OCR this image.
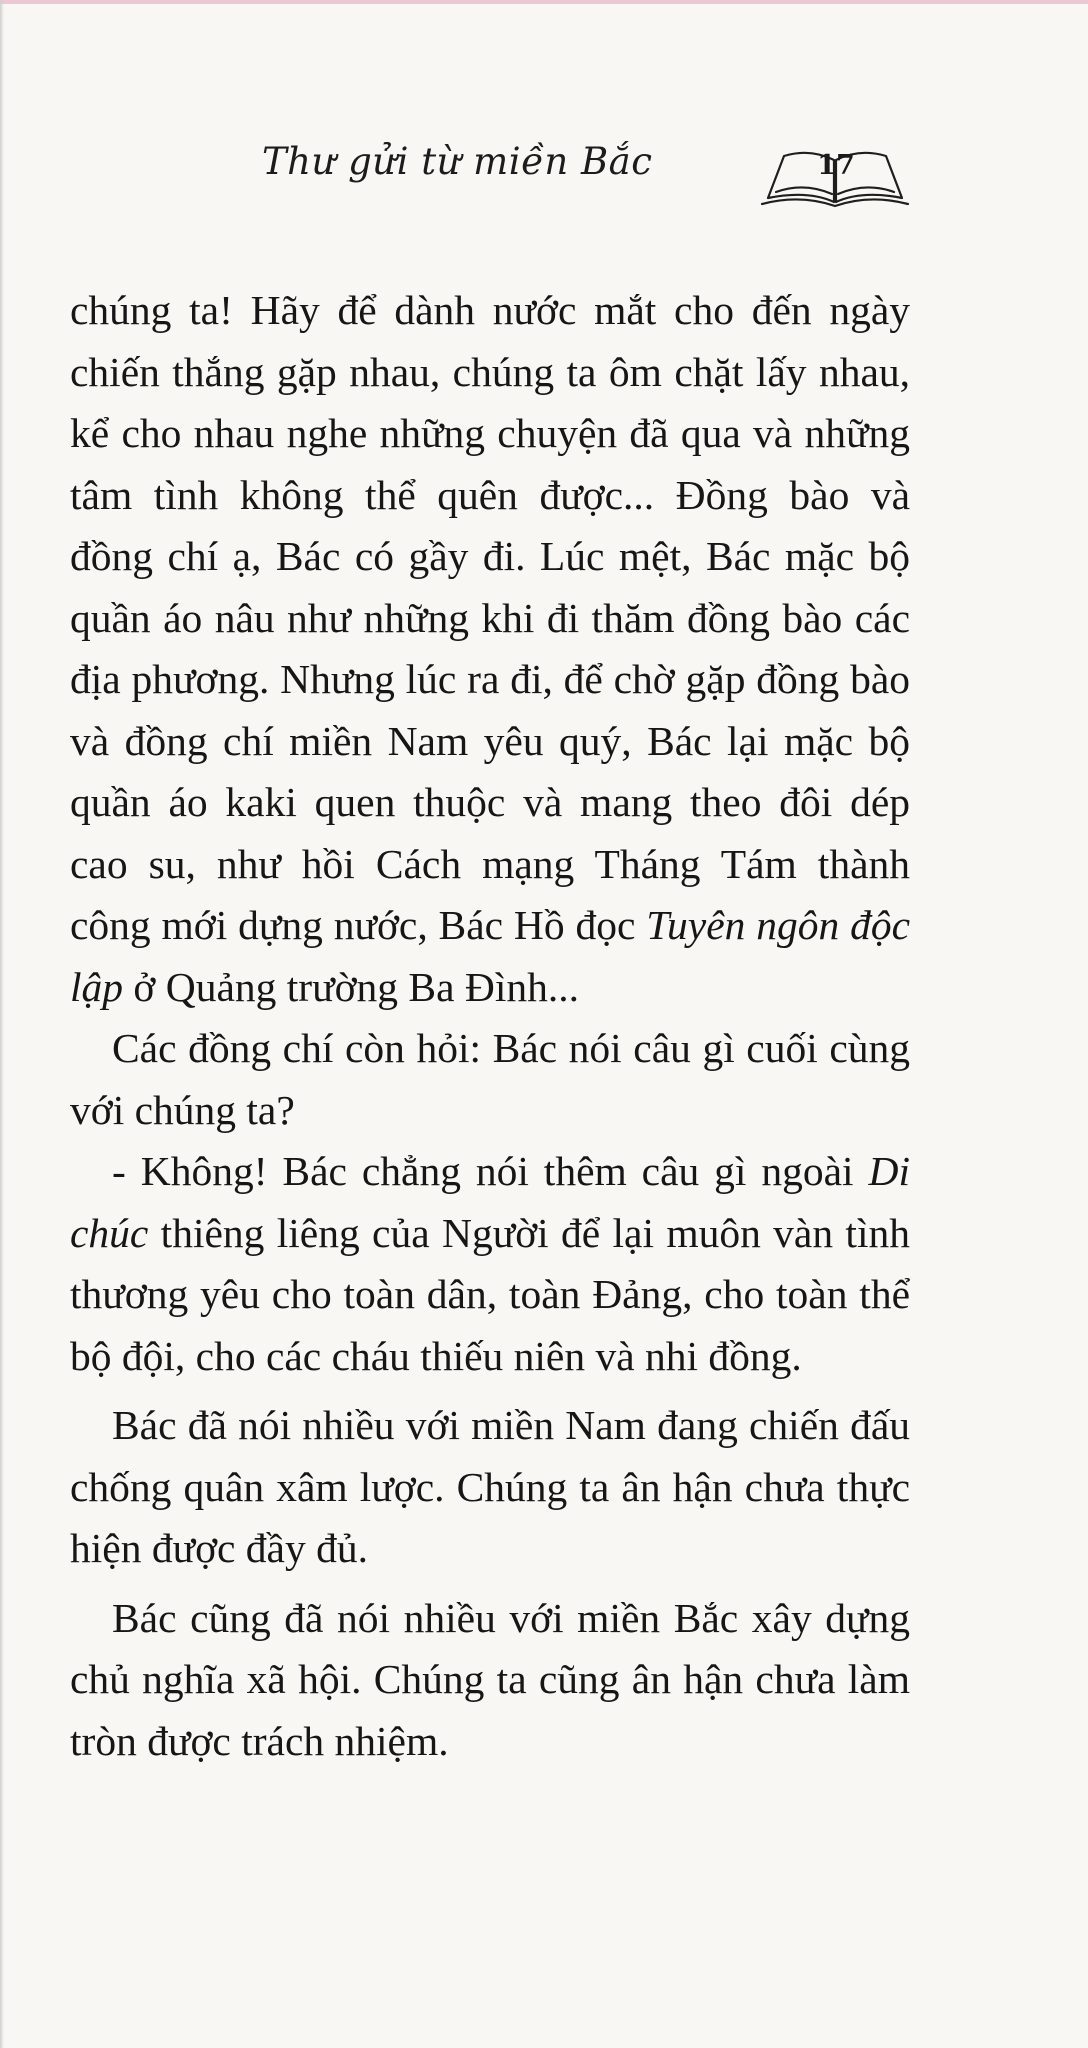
Thư gửi từ miền Bắc	17

chúng ta! Hãy để dành nước mắt cho đến ngày chiến thắng gặp nhau, chúng ta ôm chặt lấy nhau, kể cho nhau nghe những chuyện đã qua và những tâm tình không thể quên được... Đồng bào và đồng chí ạ, Bác có gầy đi. Lúc mệt, Bác mặc bộ quần áo nâu như những khi đi thăm đồng bào các địa phương. Nhưng lúc ra đi, để chờ gặp đồng bào và đồng chí miền Nam yêu quý, Bác lại mặc bộ quần áo kaki quen thuộc và mang theo đôi dép cao su, như hồi Cách mạng Tháng Tám thành công mới dựng nước, Bác Hồ đọc Tuyên ngôn độc lập ở Quảng trường Ba Đình...

Các đồng chí còn hỏi: Bác nói câu gì cuối cùng với chúng ta?

- Không! Bác chẳng nói thêm câu gì ngoài Di chúc thiêng liêng của Người để lại muôn vàn tình thương yêu cho toàn dân, toàn Đảng, cho toàn thể bộ đội, cho các cháu thiếu niên và nhi đồng.

Bác đã nói nhiều với miền Nam đang chiến đấu chống quân xâm lược. Chúng ta ân hận chưa thực hiện được đầy đủ.

Bác cũng đã nói nhiều với miền Bắc xây dựng chủ nghĩa xã hội. Chúng ta cũng ân hận chưa làm tròn được trách nhiệm.
